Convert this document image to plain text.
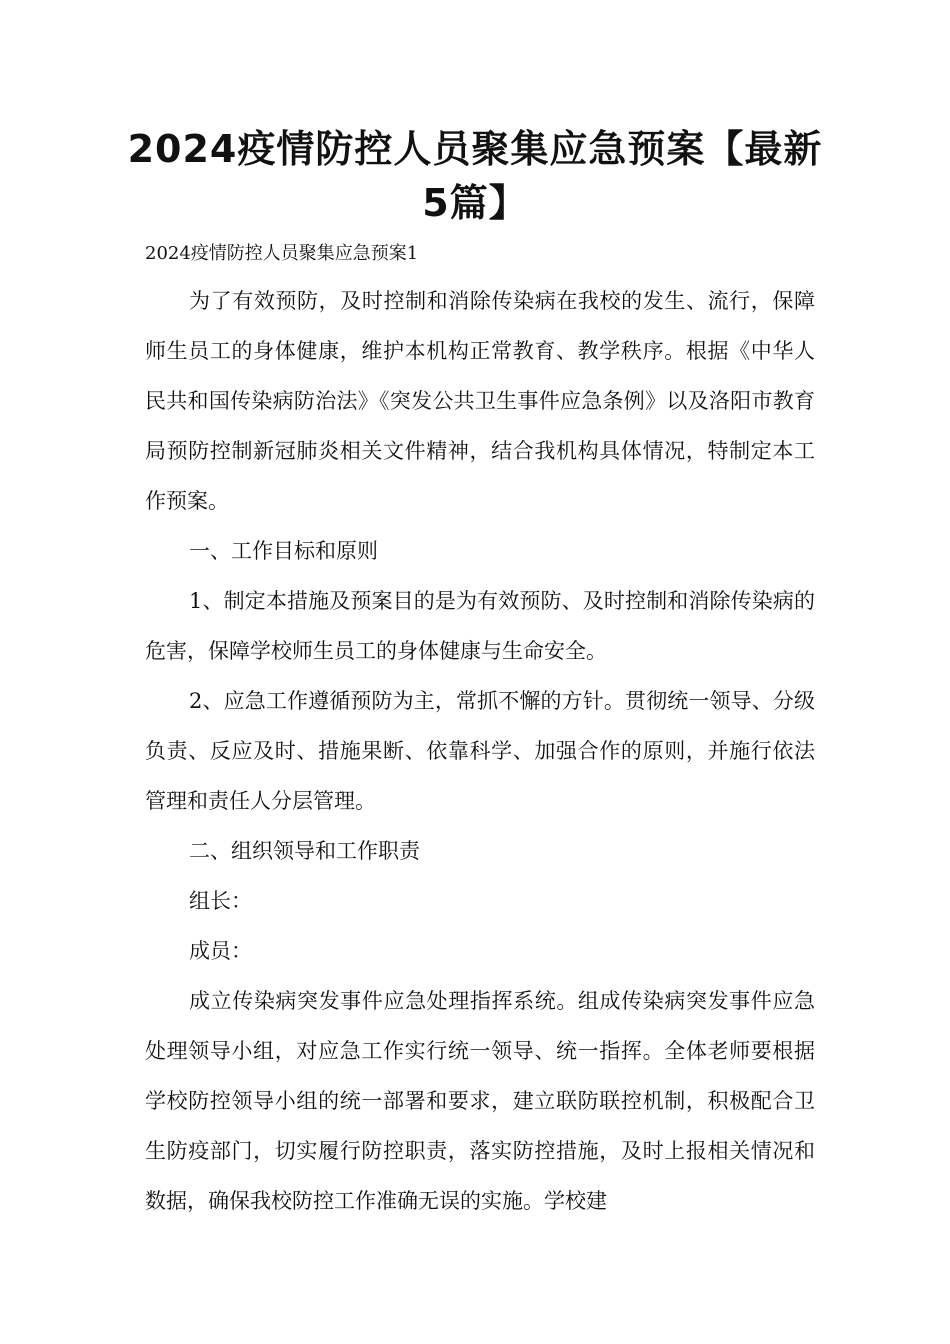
2024疫情防控人员聚集应急预案【最新5篇】

2024疫情防控人员聚集应急预案1

为了有效预防，及时控制和消除传染病在我校的发生、流行，保障师生员工的身体健康，维护本机构正常教育、教学秩序。根据《中华人民共和国传染病防治法》《突发公共卫生事件应急条例》以及洛阳市教育局预防控制新冠肺炎相关文件精神，结合我机构具体情况，特制定本工作预案。

一、工作目标和原则

1、制定本措施及预案目的是为有效预防、及时控制和消除传染病的危害，保障学校师生员工的身体健康与生命安全。

2、应急工作遵循预防为主，常抓不懈的方针。贯彻统一领导、分级负责、反应及时、措施果断、依靠科学、加强合作的原则，并施行依法管理和责任人分层管理。

二、组织领导和工作职责

组长：

成员：

成立传染病突发事件应急处理指挥系统。组成传染病突发事件应急处理领导小组，对应急工作实行统一领导、统一指挥。全体老师要根据学校防控领导小组的统一部署和要求，建立联防联控机制，积极配合卫生防疫部门，切实履行防控职责，落实防控措施，及时上报相关情况和数据，确保我校防控工作准确无误的实施。学校建
